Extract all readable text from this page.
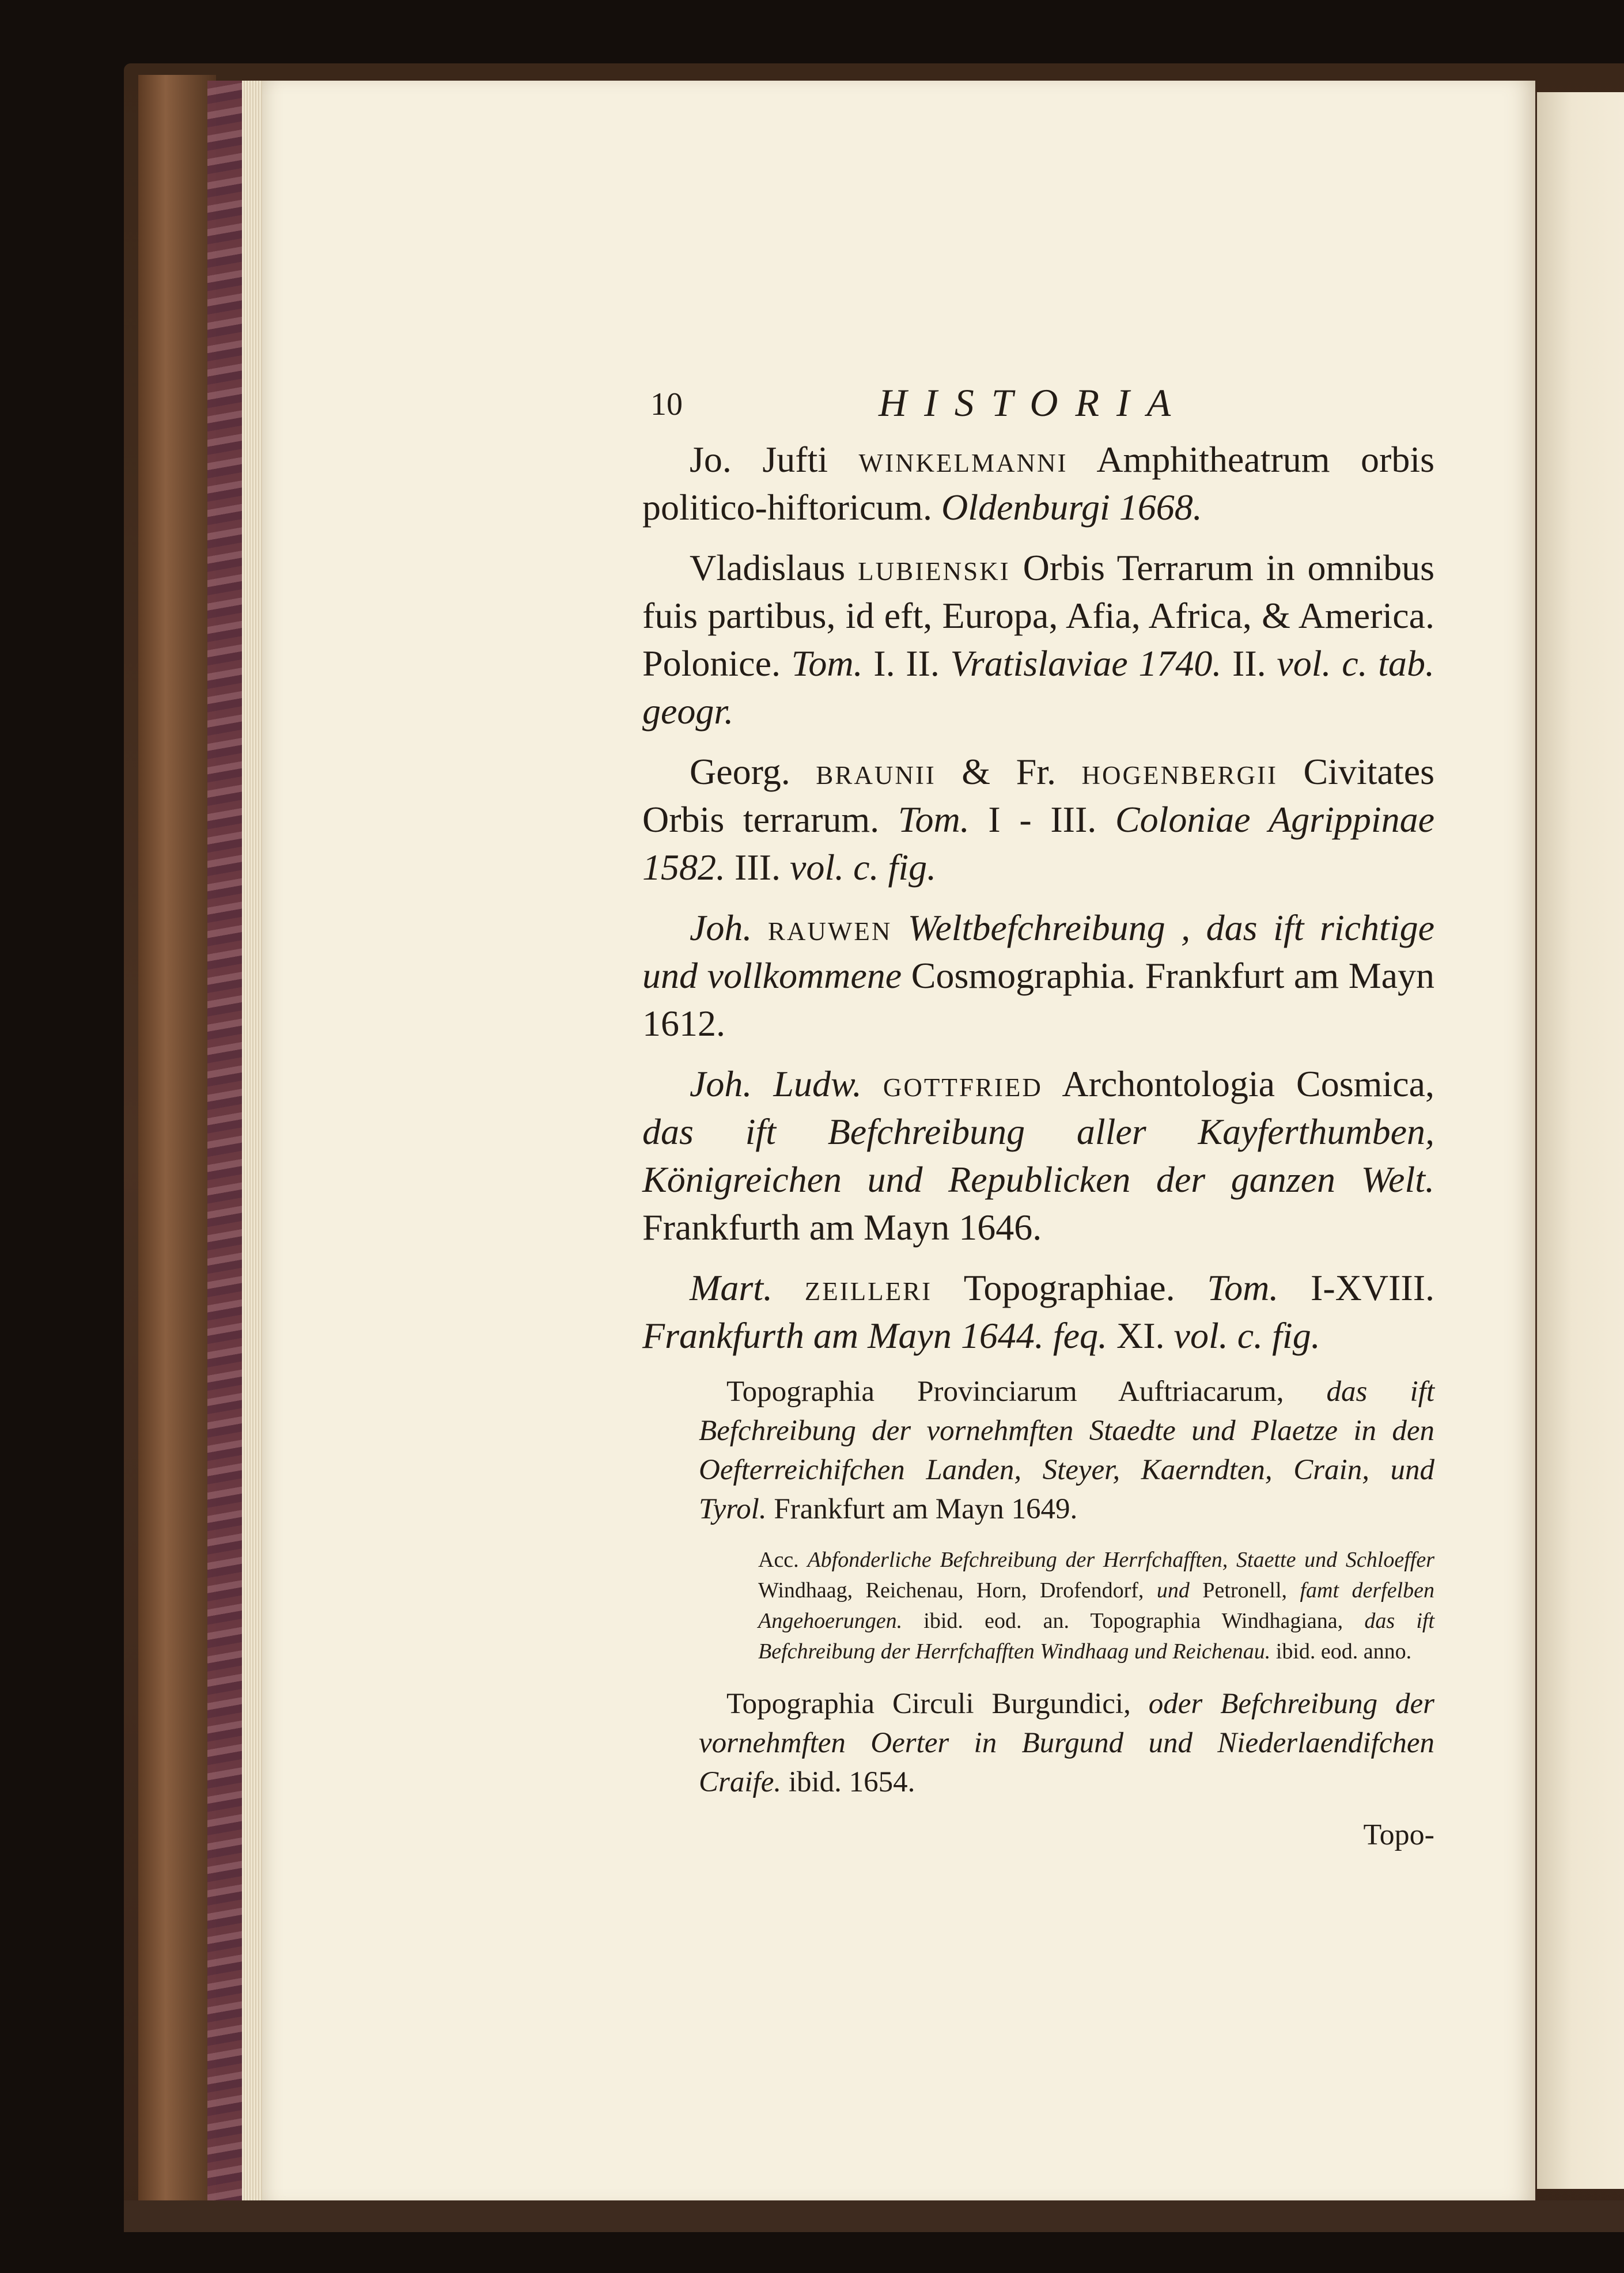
10	HISTORIA

Jo. Jufti winkelmanni Amphitheatrum orbis politico-hiftoricum. Oldenburgi 1668.

Vladislaus lubienski Orbis Terrarum in omnibus fuis partibus, id eft, Europa, Afia, Africa, & America. Polonice. Tom. I. II. Vratislaviae 1740. II. vol. c. tab. geogr.

Georg. braunii & Fr. hogenbergii Civitates Orbis terrarum. Tom. I - III. Coloniae Agrippinae 1582. III. vol. c. fig.

Joh. rauwen Weltbefchreibung , das ift richtige und vollkommene Cosmographia. Frankfurt am Mayn 1612.

Joh. Ludw. gottfried Archontologia Cosmica, das ift Befchreibung aller Kayferthumben, Königreichen und Republicken der ganzen Welt. Frankfurth am Mayn 1646.

Mart. zeilleri Topographiae. Tom. I-XVIII. Frankfurth am Mayn 1644. feq. XI. vol. c. fig.

Topographia Provinciarum Auftriacarum, das ift Befchreibung der vornehmften Staedte und Plaetze in den Oefterreichifchen Landen, Steyer, Kaerndten, Crain, und Tyrol. Frankfurt am Mayn 1649.

Acc. Abfonderliche Befchreibung der Herrfchafften, Staette und Schloeffer Windhaag, Reichenau, Horn, Drofendorf, und Petronell, famt derfelben Angehoerungen. ibid. eod. an. Topographia Windhagiana, das ift Befchreibung der Herrfchafften Windhaag und Reichenau. ibid. eod. anno.

Topographia Circuli Burgundici, oder Befchreibung der vornehmften Oerter in Burgund und Niederlaendifchen Craife. ibid. 1654.

Topo-
